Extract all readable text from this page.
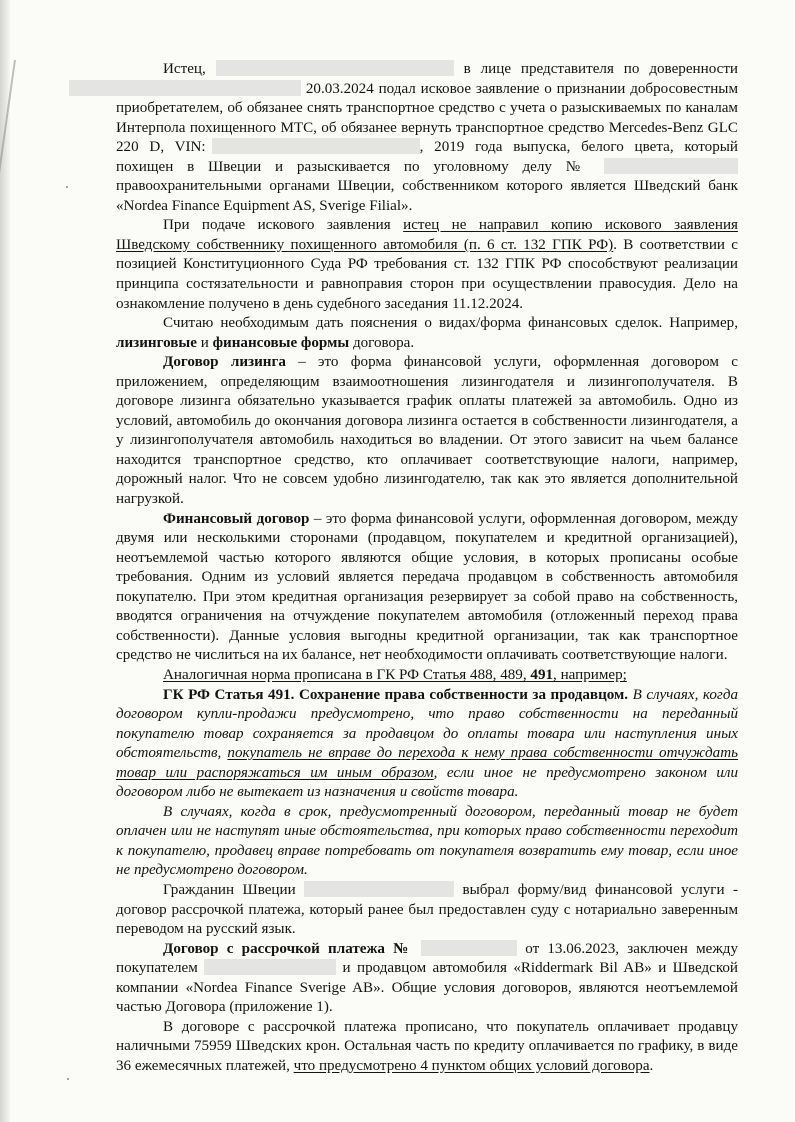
Истец,	в лице представителя по доверенности  20.03.2024 подал исковое заявление о признании добросовестным приобретателем, об обязанее снять транспортное средство с учета о разыскиваемых по каналам Интерпола похищенного МТС, об обязанее вернуть транспортное средство Mercedes-Benz GLC 220 D, VIN:	, 2019 года выпуска, белого цвета, который похищен в Швеции и разыскивается по уголовному делу №  правоохранительными органами Швеции, собственником которого является Шведский банк «Nordea Finance Equipment AS, Sverige Filial».

При подаче искового заявления истец не направил копию искового заявления Шведскому собственнику похищенного автомобиля (п. 6 ст. 132 ГПК РФ). В соответствии с позицией Конституционного Суда РФ требования ст. 132 ГПК РФ способствуют реализации принципа состязательности и равноправия сторон при осуществлении правосудия. Дело на ознакомление получено в день судебного заседания 11.12.2024.

Считаю необходимым дать пояснения о видах/форма финансовых сделок. Например, лизинговые и финансовые формы договора.

Договор лизинга – это форма финансовой услуги, оформленная договором с приложением, определяющим взаимоотношения лизингодателя и лизингополучателя. В договоре лизинга обязательно указывается график оплаты платежей за автомобиль. Одно из условий, автомобиль до окончания договора лизинга остается в собственности лизингодателя, а у лизингополучателя автомобиль находиться во владении. От этого зависит на чьем балансе находится транспортное средство, кто оплачивает соответствующие налоги, например, дорожный налог. Что не совсем удобно лизингодателю, так как это является дополнительной нагрузкой.

Финансовый договор – это форма финансовой услуги, оформленная договором, между двумя или несколькими сторонами (продавцом, покупателем и кредитной организацией), неотъемлемой частью которого являются общие условия, в которых прописаны особые требования. Одним из условий является передача продавцом в собственность автомобиля покупателю. При этом кредитная организация резервирует за собой право на собственность, вводятся ограничения на отчуждение покупателем автомобиля (отложенный переход права собственности). Данные условия выгодны кредитной организации, так как транспортное средство не числиться на их балансе, нет необходимости оплачивать соответствующие налоги.

Аналогичная норма прописана в ГК РФ Статья 488, 489, 491, например;

ГК РФ Статья 491. Сохранение права собственности за продавцом. В случаях, когда договором купли-продажи предусмотрено, что право собственности на переданный покупателю товар сохраняется за продавцом до оплаты товара или наступления иных обстоятельств, покупатель не вправе до перехода к нему права собственности отчуждать товар или распоряжаться им иным образом, если иное не предусмотрено законом или договором либо не вытекает из назначения и свойств товара.

В случаях, когда в срок, предусмотренный договором, переданный товар не будет оплачен или не наступят иные обстоятельства, при которых право собственности переходит к покупателю, продавец вправе потребовать от покупателя возвратить ему товар, если иное не предусмотрено договором.

Гражданин Швеции	выбрал форму/вид финансовой услуги - договор рассрочкой платежа, который ранее был предоставлен суду с нотариально заверенным переводом на русский язык.

Договор с рассрочкой платежа №	от 13.06.2023, заключен между покупателем	и продавцом автомобиля «Riddermark Bil AB» и Шведской компании «Nordea Finance Sverige AB». Общие условия договоров, являются неотъемлемой частью Договора (приложение 1).

В договоре с рассрочкой платежа прописано, что покупатель оплачивает продавцу наличными 75959 Шведских крон. Остальная часть по кредиту оплачивается по графику, в виде 36 ежемесячных платежей, что предусмотрено 4 пунктом общих условий договора.
